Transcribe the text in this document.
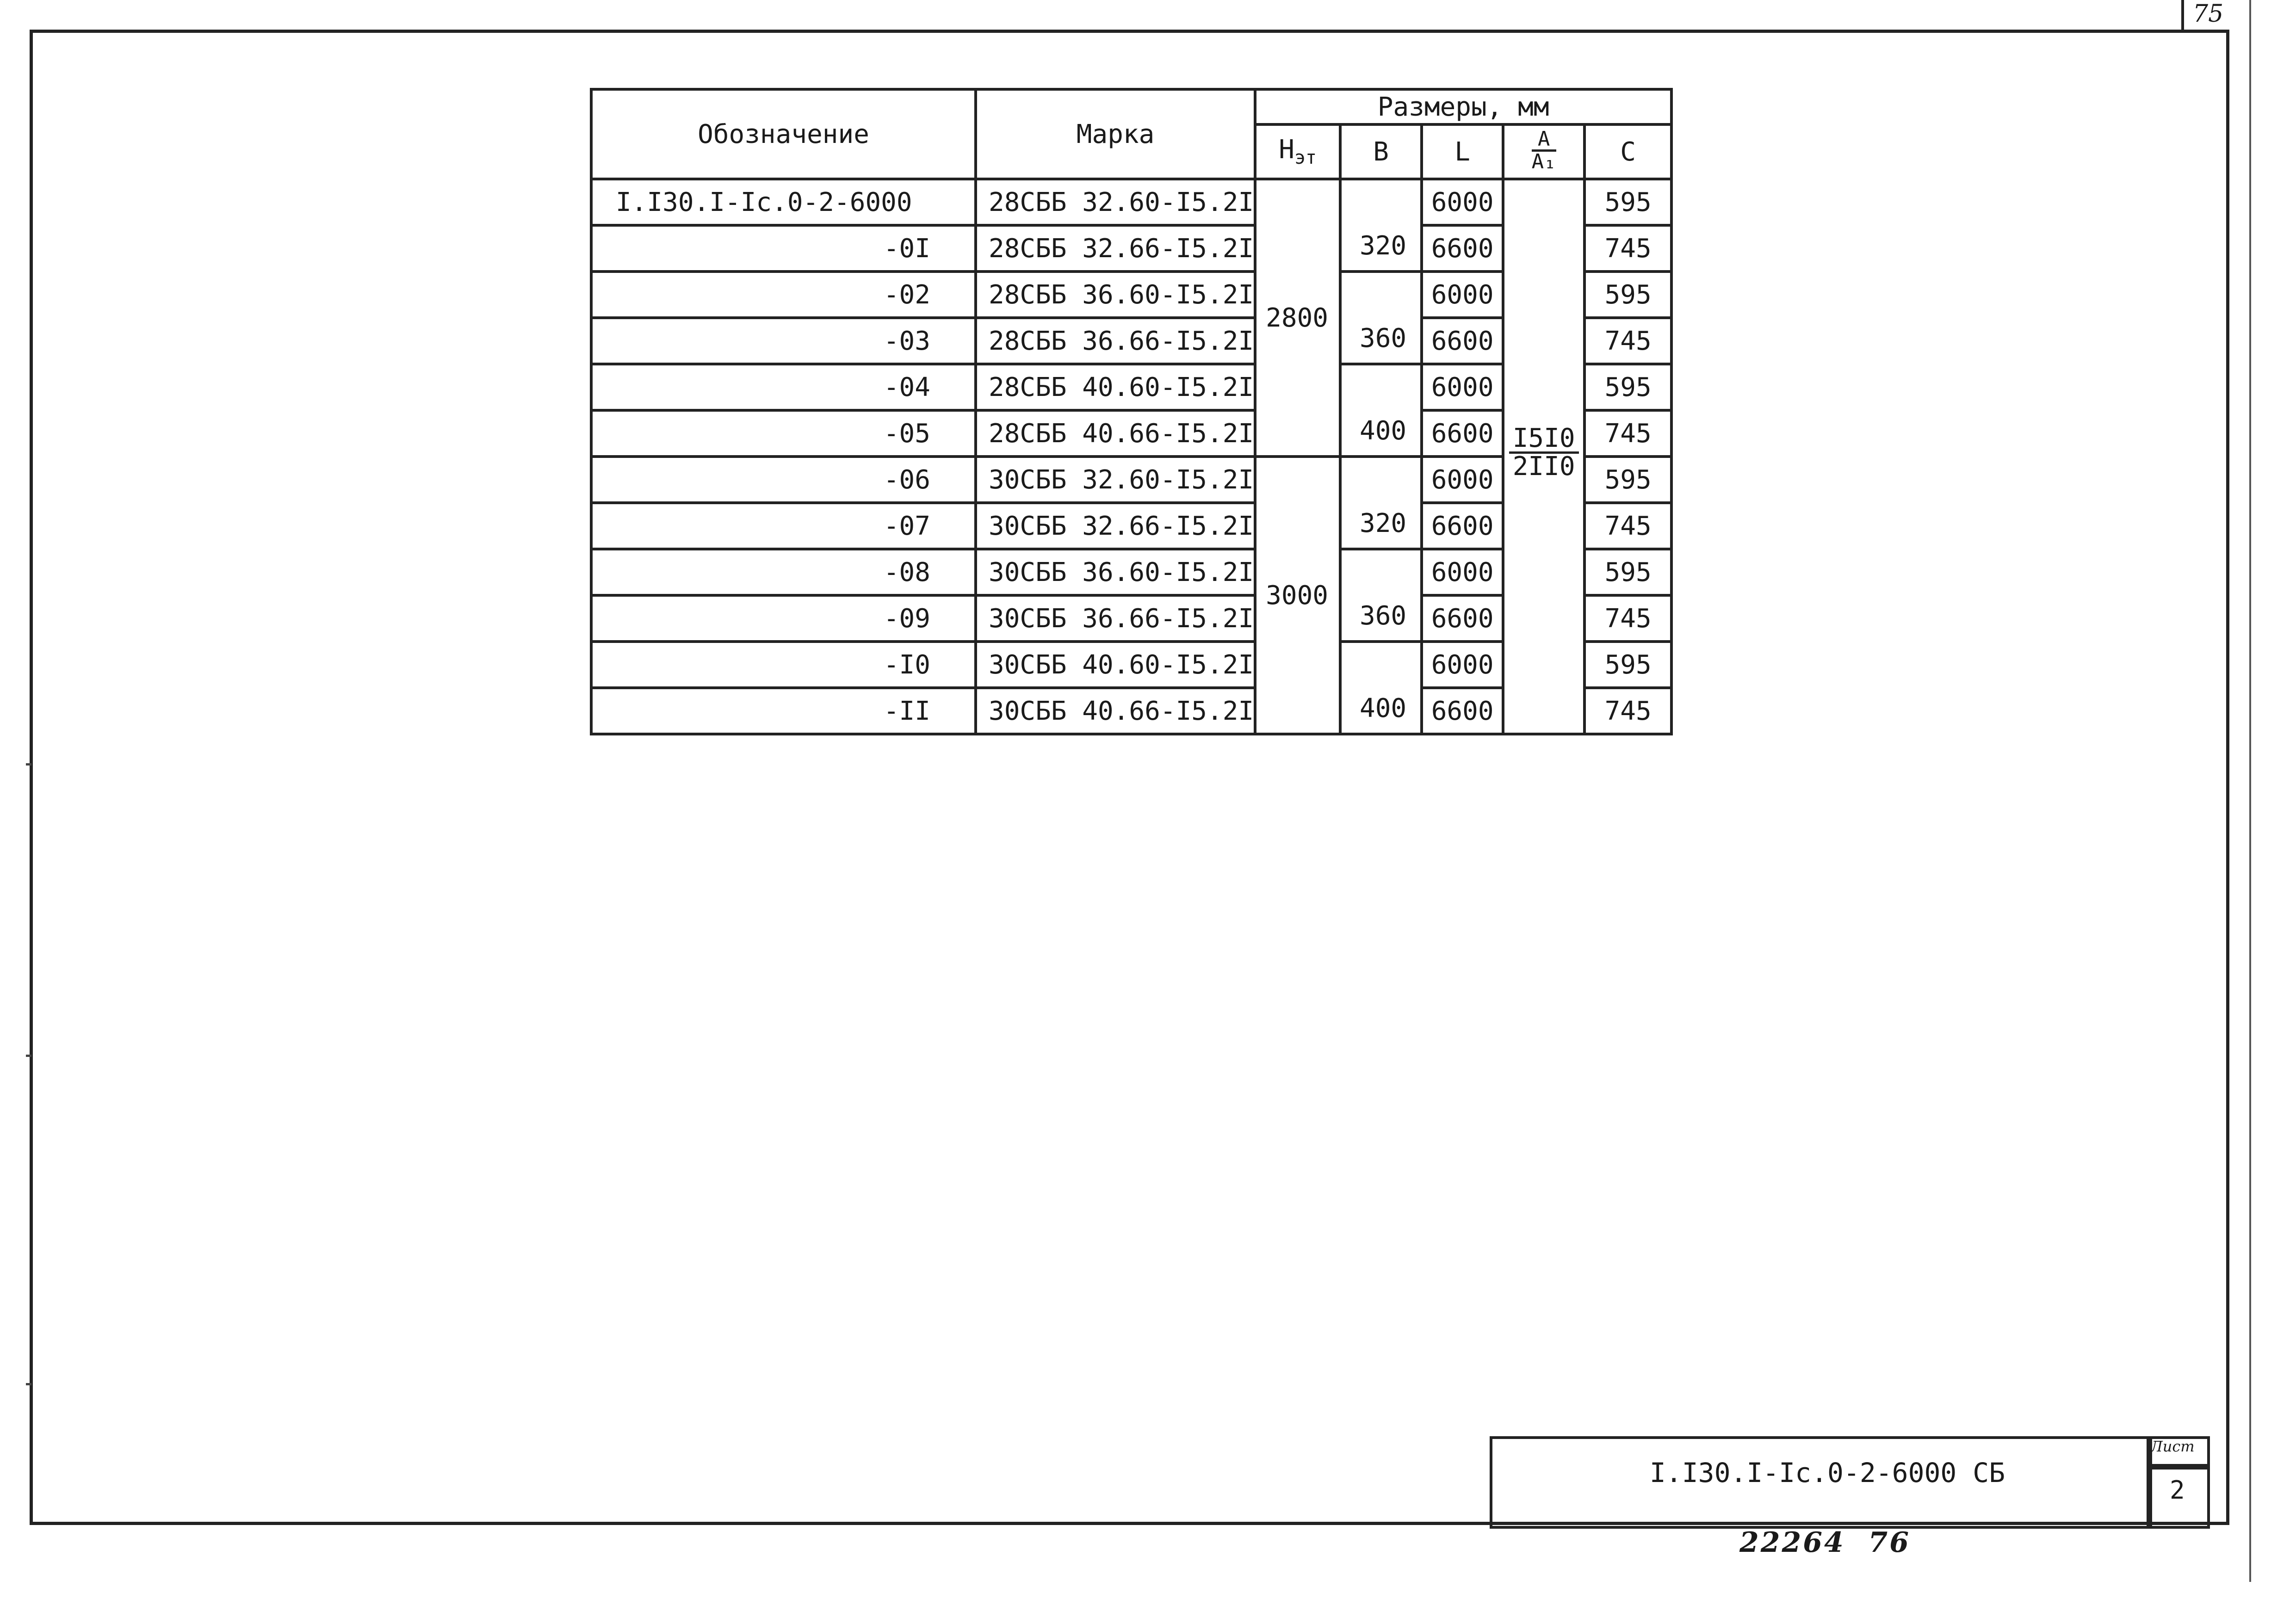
75
Обозначение	Марка	Размеры, мм				
		$Н_{эт}$	В	L	$\frac{А}{\text{А₁}}$	С
I.I30.I-Ic.0-2-6000	28СББ 32.60-I5.2I	2800	320	6000	$\frac{I5I0}{2II0}$	595
-0I	28СББ 32.66-I5.2I			6600		745
-02	28СББ 36.60-I5.2I		360	6000		595
-03	28СББ 36.66-I5.2I			6600		745
-04	28СББ 40.60-I5.2I		400	6000		595
-05	28СББ 40.66-I5.2I			6600		745
-06	30СББ 32.60-I5.2I	3000	320	6000		595
-07	30СББ 32.66-I5.2I			6600		745
-08	30СББ 36.60-I5.2I		360	6000		595
-09	30СББ 36.66-I5.2I			6600		745
-I0	30СББ 40.60-I5.2I		400	6000		595
-II	30СББ 40.66-I5.2I			6600		745
I.I30.I-Ic.0-2-6000 СБ
Лист
2
22264  76
